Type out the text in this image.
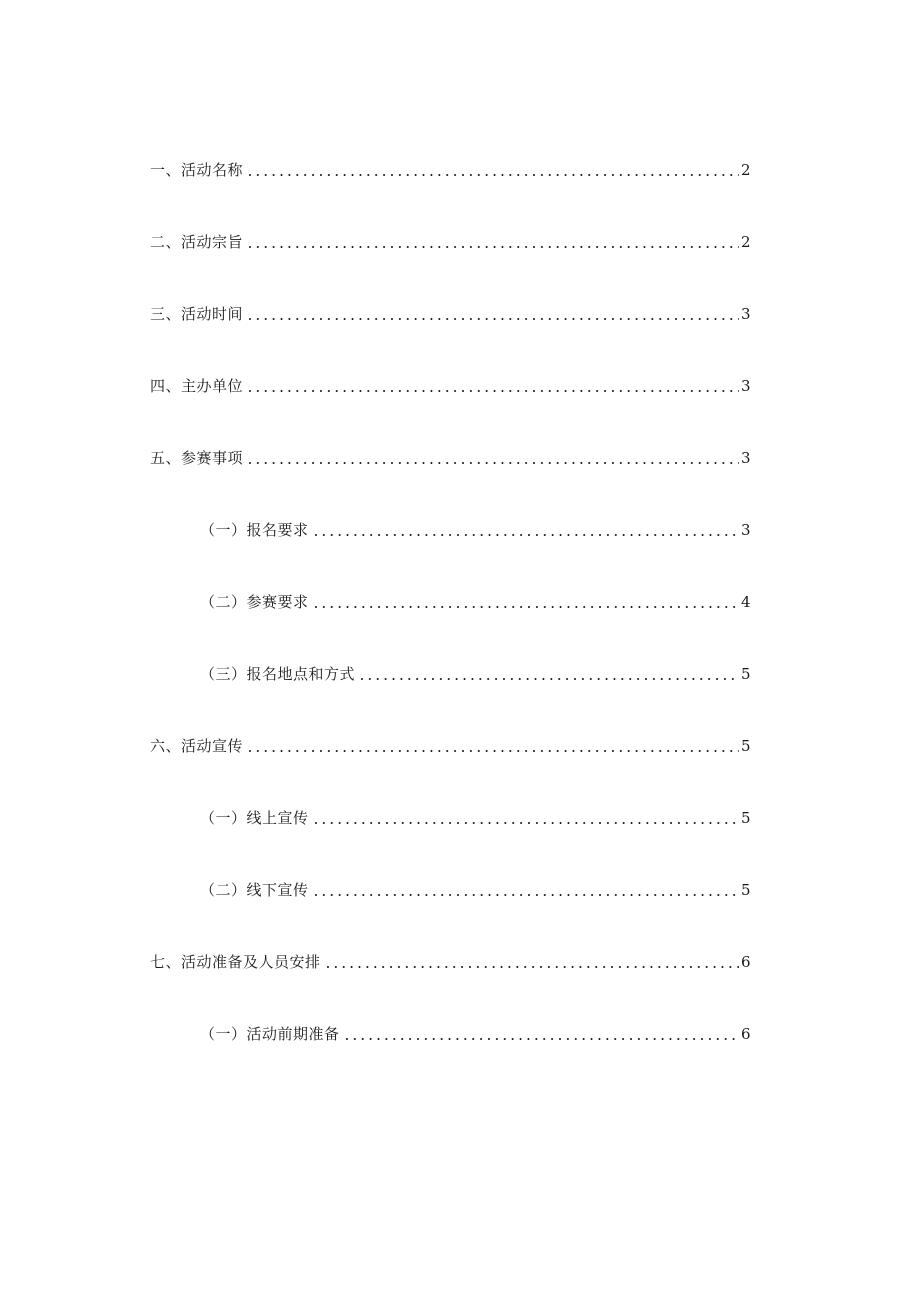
一、活动名称	2
二、活动宗旨	2
三、活动时间	3
四、主办单位	3
五、参赛事项	3
（一）报名要求	3
（二）参赛要求	4
（三）报名地点和方式	5
六、活动宣传	5
（一）线上宣传	5
（二）线下宣传	5
七、活动准备及人员安排	6
（一）活动前期准备	6
